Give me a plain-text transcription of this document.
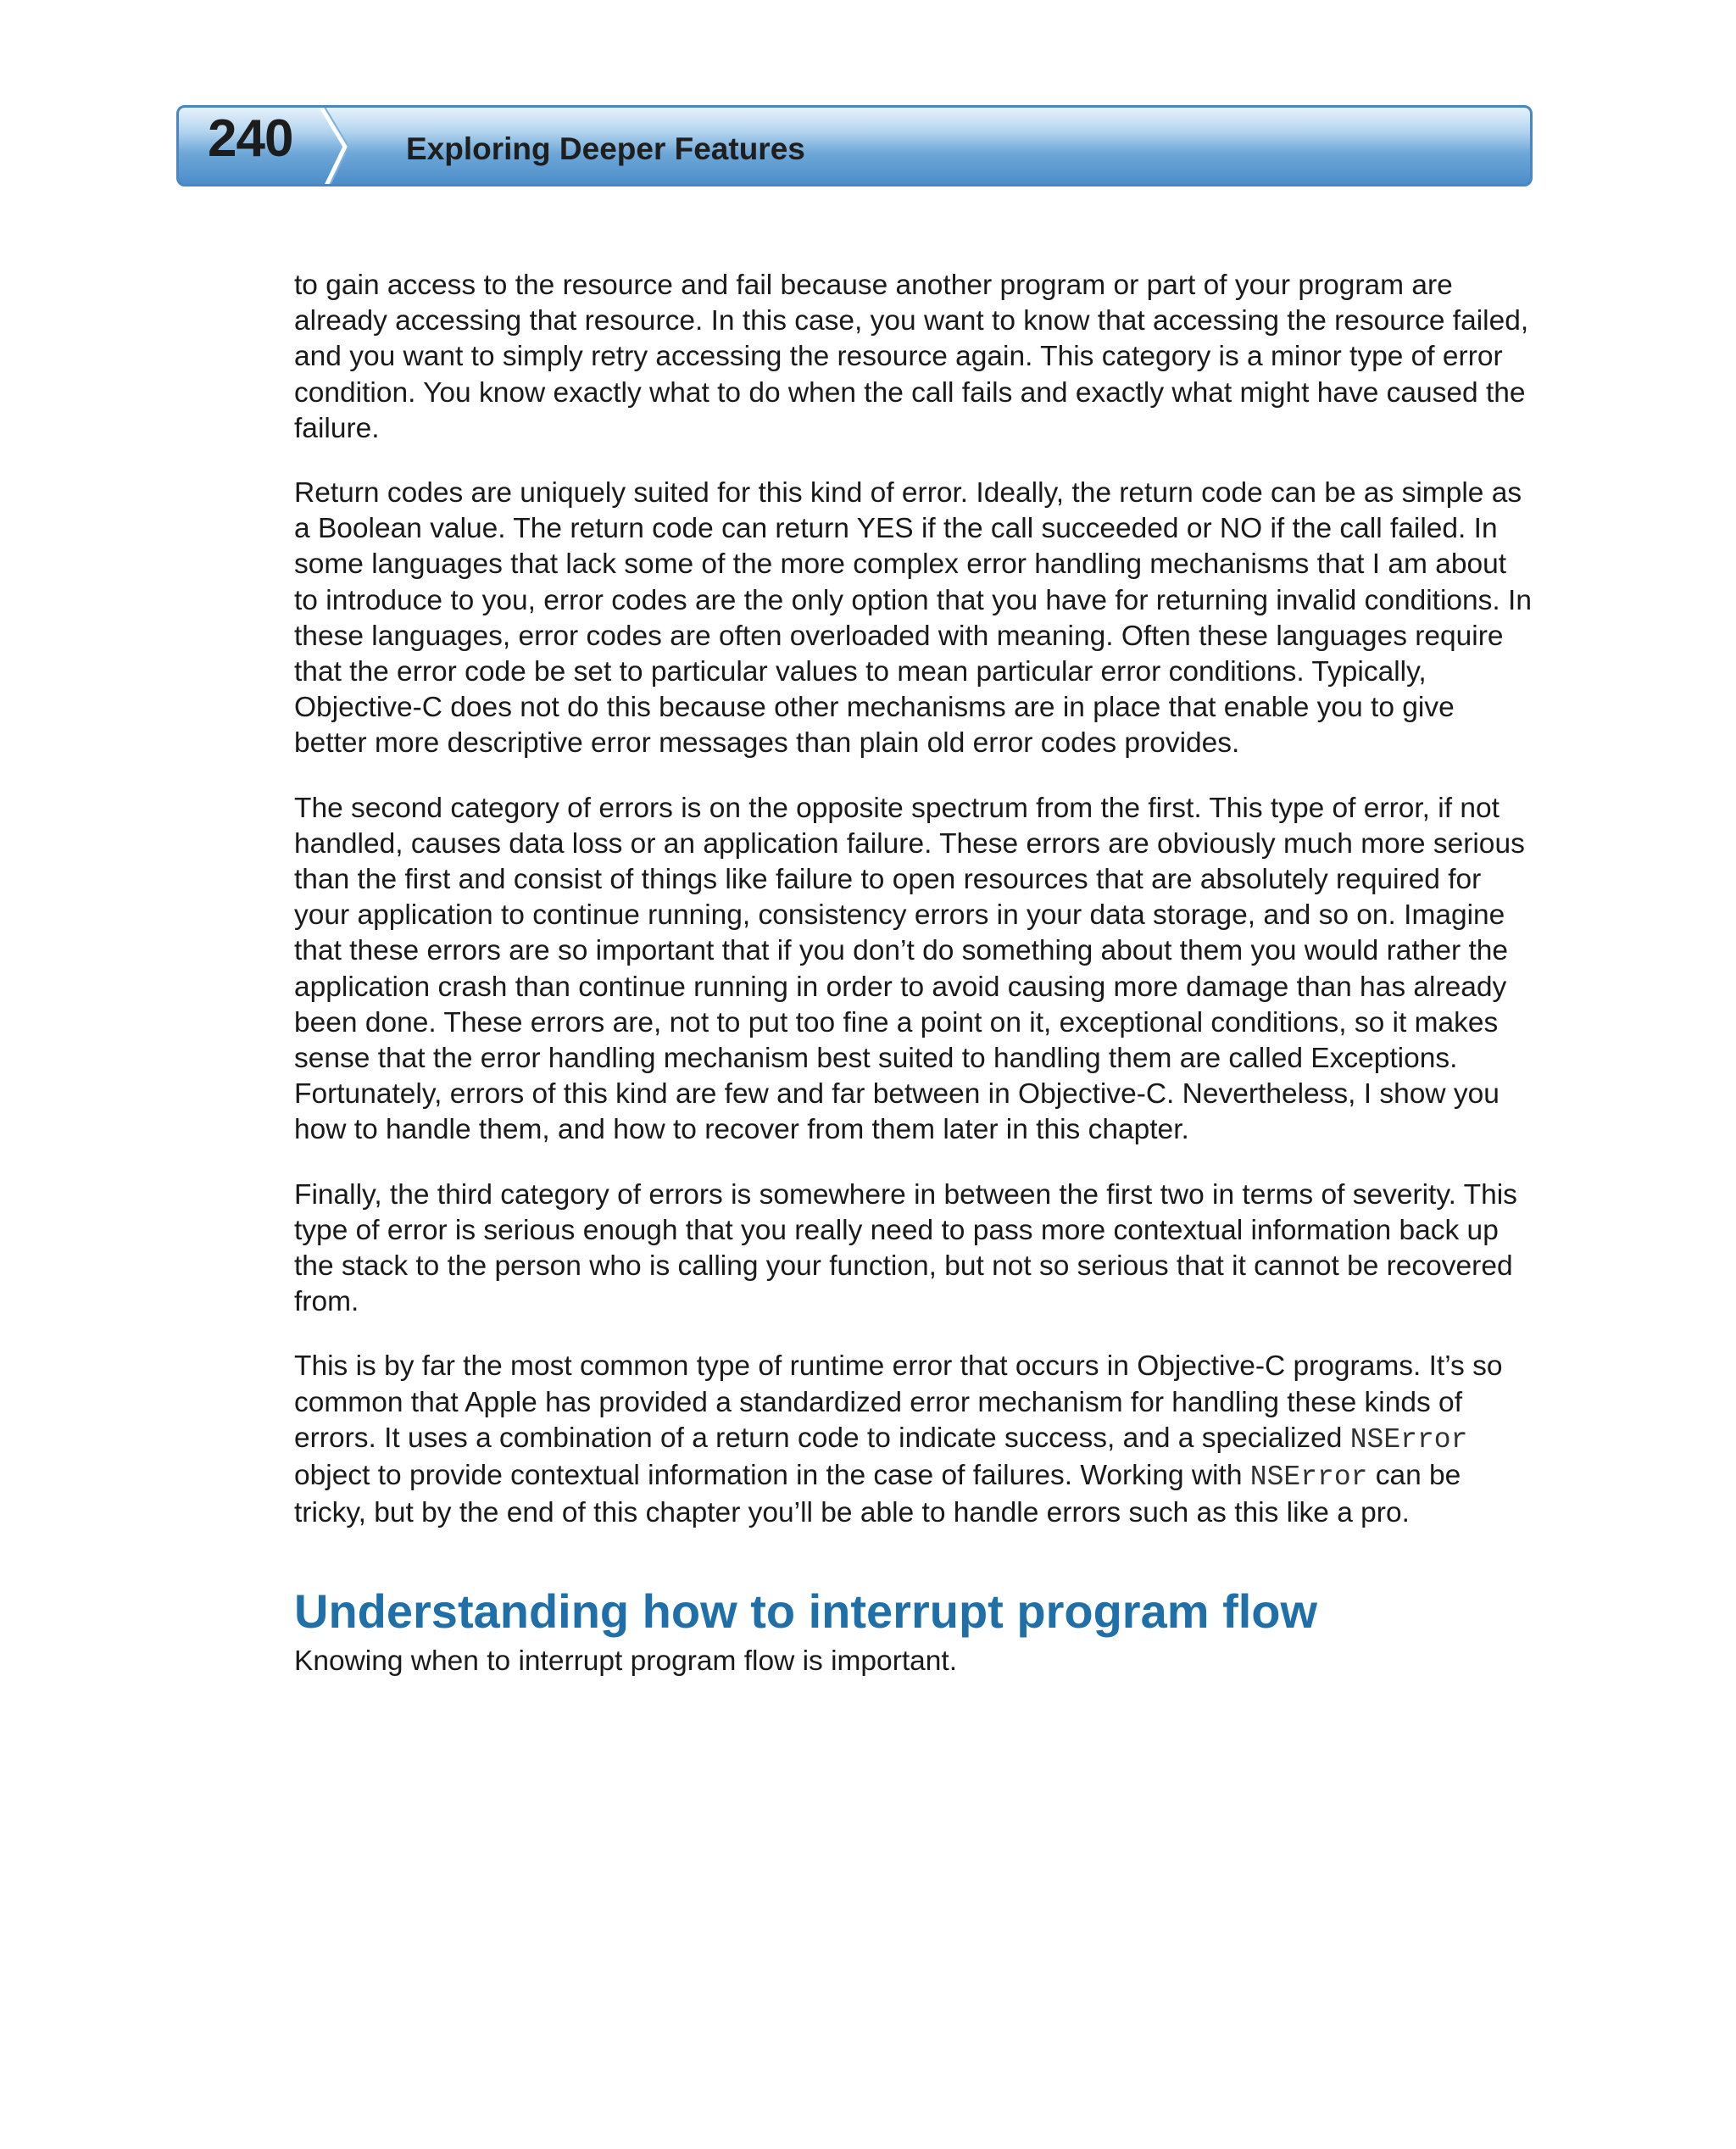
240	Exploring Deeper Features

to gain access to the resource and fail because another program or part of your program are already accessing that resource. In this case, you want to know that accessing the resource failed, and you want to simply retry accessing the resource again. This category is a minor type of error condition. You know exactly what to do when the call fails and exactly what might have caused the failure.

Return codes are uniquely suited for this kind of error. Ideally, the return code can be as simple as a Boolean value. The return code can return YES if the call succeeded or NO if the call failed. In some languages that lack some of the more complex error handling mechanisms that I am about to introduce to you, error codes are the only option that you have for returning invalid conditions. In these languages, error codes are often overloaded with meaning. Often these languages require that the error code be set to particular values to mean particular error conditions. Typically, Objective-C does not do this because other mechanisms are in place that enable you to give better more descriptive error messages than plain old error codes provides.

The second category of errors is on the opposite spectrum from the first. This type of error, if not handled, causes data loss or an application failure. These errors are obviously much more serious than the first and consist of things like failure to open resources that are absolutely required for your application to continue running, consistency errors in your data storage, and so on. Imagine that these errors are so important that if you don’t do something about them you would rather the application crash than continue running in order to avoid causing more damage than has already been done. These errors are, not to put too fine a point on it, exceptional conditions, so it makes sense that the error handling mechanism best suited to handling them are called Exceptions. Fortunately, errors of this kind are few and far between in Objective-C. Nevertheless, I show you how to handle them, and how to recover from them later in this chapter.

Finally, the third category of errors is somewhere in between the first two in terms of severity. This type of error is serious enough that you really need to pass more contextual information back up the stack to the person who is calling your function, but not so serious that it cannot be recovered from.

This is by far the most common type of runtime error that occurs in Objective-C programs. It’s so common that Apple has provided a standardized error mechanism for handling these kinds of errors. It uses a combination of a return code to indicate success, and a specialized NSError object to provide contextual information in the case of failures. Working with NSError can be tricky, but by the end of this chapter you’ll be able to handle errors such as this like a pro.

Understanding how to interrupt program flow

Knowing when to interrupt program flow is important.
